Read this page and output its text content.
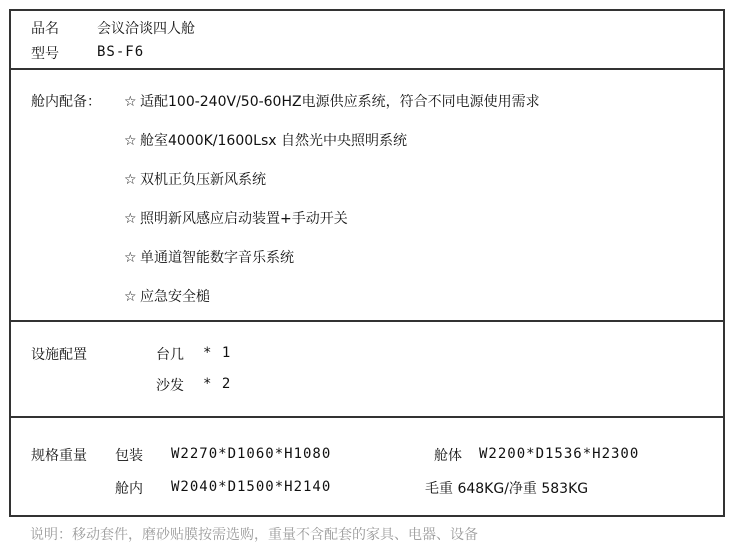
品名	会议洽谈四人舱
型号	BS-F6
舱内配备： ☆ 适配100-240V/50-60HZ电源供应系统，符合不同电源使用需求
☆ 舱室4000K/1600Lsx 自然光中央照明系统
☆ 双机正负压新风系统
☆ 照明新风感应启动装置+手动开关
☆ 单通道智能数字音乐系统
☆ 应急安全槌
设施配置	台几 * 1
沙发 * 2
规格重量 包装 W2270*D1060*H1080	舱体 W2200*D1536*H2300
舱内 W2040*D1500*H2140	毛重 648KG/净重 583KG
说明：移动套件，磨砂贴膜按需选购，重量不含配套的家具、电器、设备
